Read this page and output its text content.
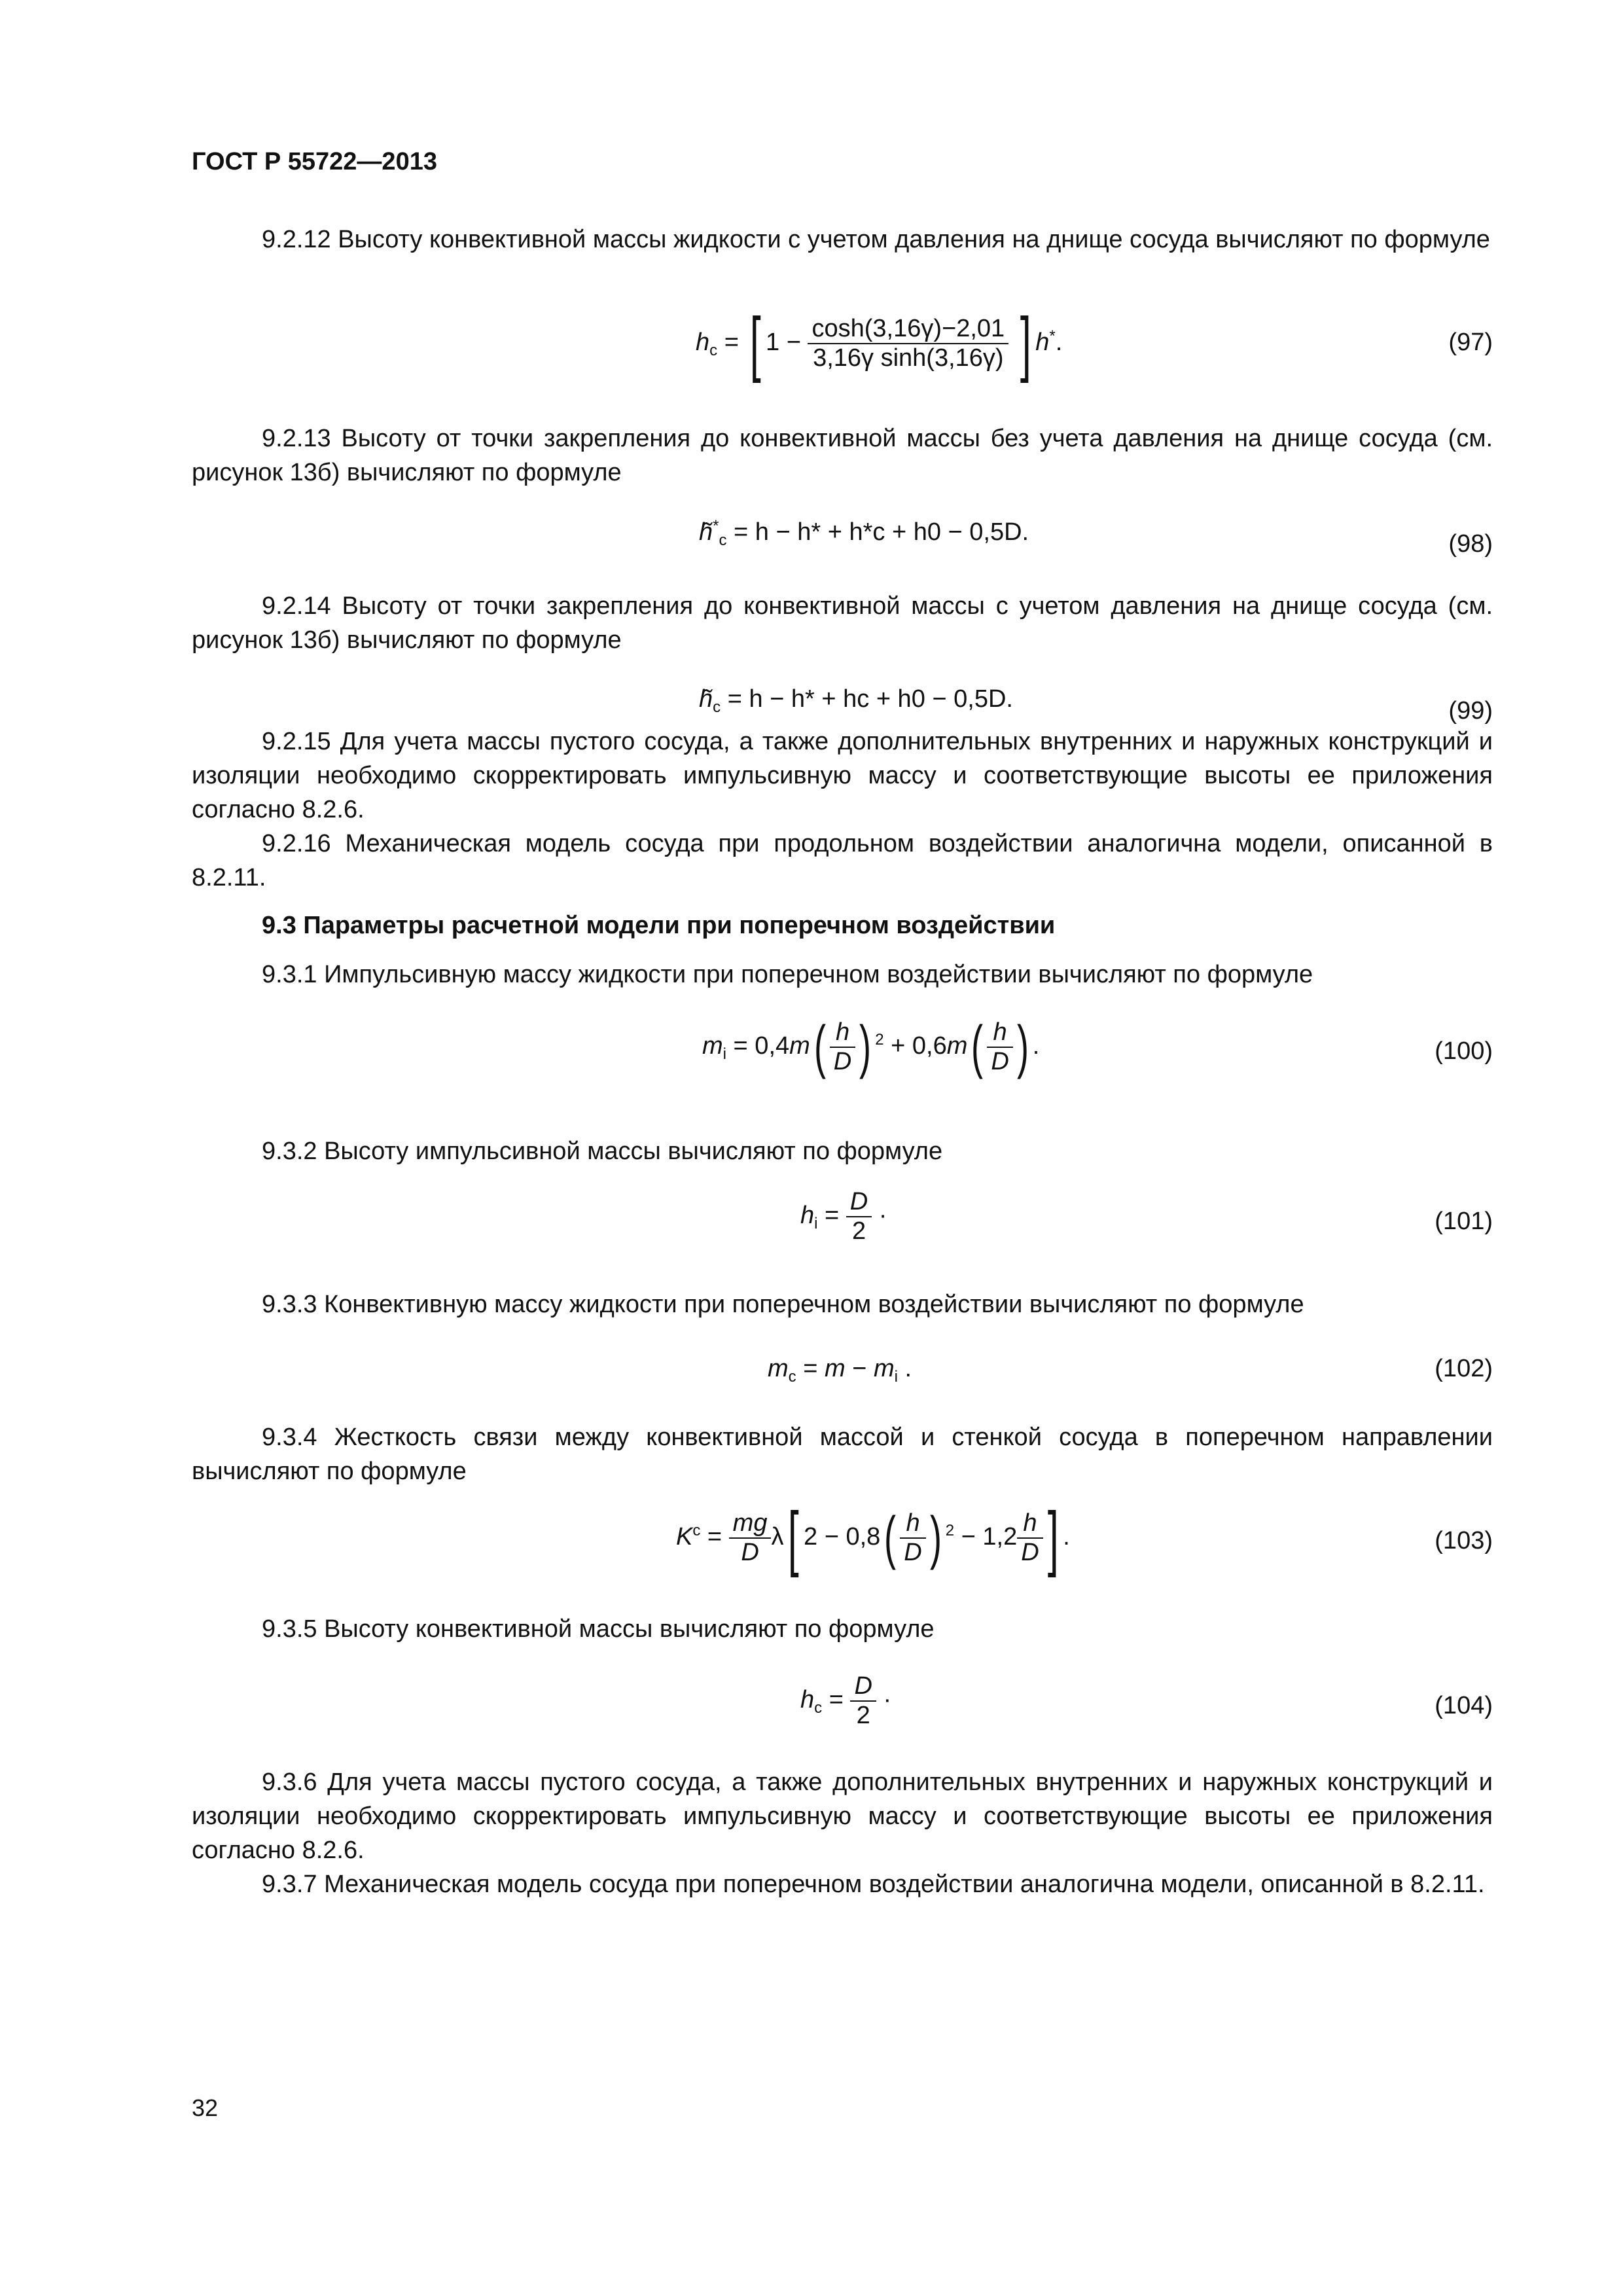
ГОСТ Р 55722—2013

9.2.12 Высоту конвективной массы жидкости с учетом давления на днище сосуда вычисляют по формуле

$h_c$ = [ $1 - \frac{\cosh(3,16\gamma)-2,01}{\text{3,16γ sinh(3,16γ)}}$ ] h*.	(97)

9.2.13 Высоту от точки закрепления до конвективной массы без учета давления на днище сосуда (см. рисунок 13б) вычисляют по формуле

$h̃^*_c = h - h* + h*c + h0 - 0,5D$.	(98)

9.2.14 Высоту от точки закрепления до конвективной массы с учетом давления на днище сосуда (см. рисунок 13б) вычисляют по формуле

$h̃_c = h - h*$ + hc + h0 − 0,5D.	(99)

9.2.15 Для учета массы пустого сосуда, а также дополнительных внутренних и наружных конструкций и изоляции необходимо скорректировать импульсивную массу и соответствующие высоты ее приложения согласно 8.2.6.

9.2.16 Механическая модель сосуда при продольном воздействии аналогична модели, описанной в 8.2.11.

9.3 Параметры расчетной модели при поперечном воздействии

9.3.1 Импульсивную массу жидкости при поперечном воздействии вычисляют по формуле

$m_i = 0,4m( \frac{h}{D}$ ) $^2 + 0,6m( \frac{h}{D}$ ) .	(100)

9.3.2 Высоту импульсивной массы вычисляют по формуле

$h_i = \frac{D}{2}$ ·	(101)

9.3.3 Конвективную массу жидкости при поперечном воздействии вычисляют по формуле

$m_c = m - m_i$ .	(102)

9.3.4 Жесткость связи между конвективной массой и стенкой сосуда в поперечном направлении вычисляют по формуле

$K^c = \frac{mg}{D} \lambda$[ $2 - 0,8( \frac{h}{D}$ ) $^2 - 1,2 \frac{h}{D}$ ] .	(103)

9.3.5 Высоту конвективной массы вычисляют по формуле

$h_c = \frac{D}{2}$ ·	(104)

9.3.6 Для учета массы пустого сосуда, а также дополнительных внутренних и наружных конструкций и изоляции необходимо скорректировать импульсивную массу и соответствующие высоты ее приложения согласно 8.2.6.

9.3.7 Механическая модель сосуда при поперечном воздействии аналогична модели, описанной в 8.2.11.

32
